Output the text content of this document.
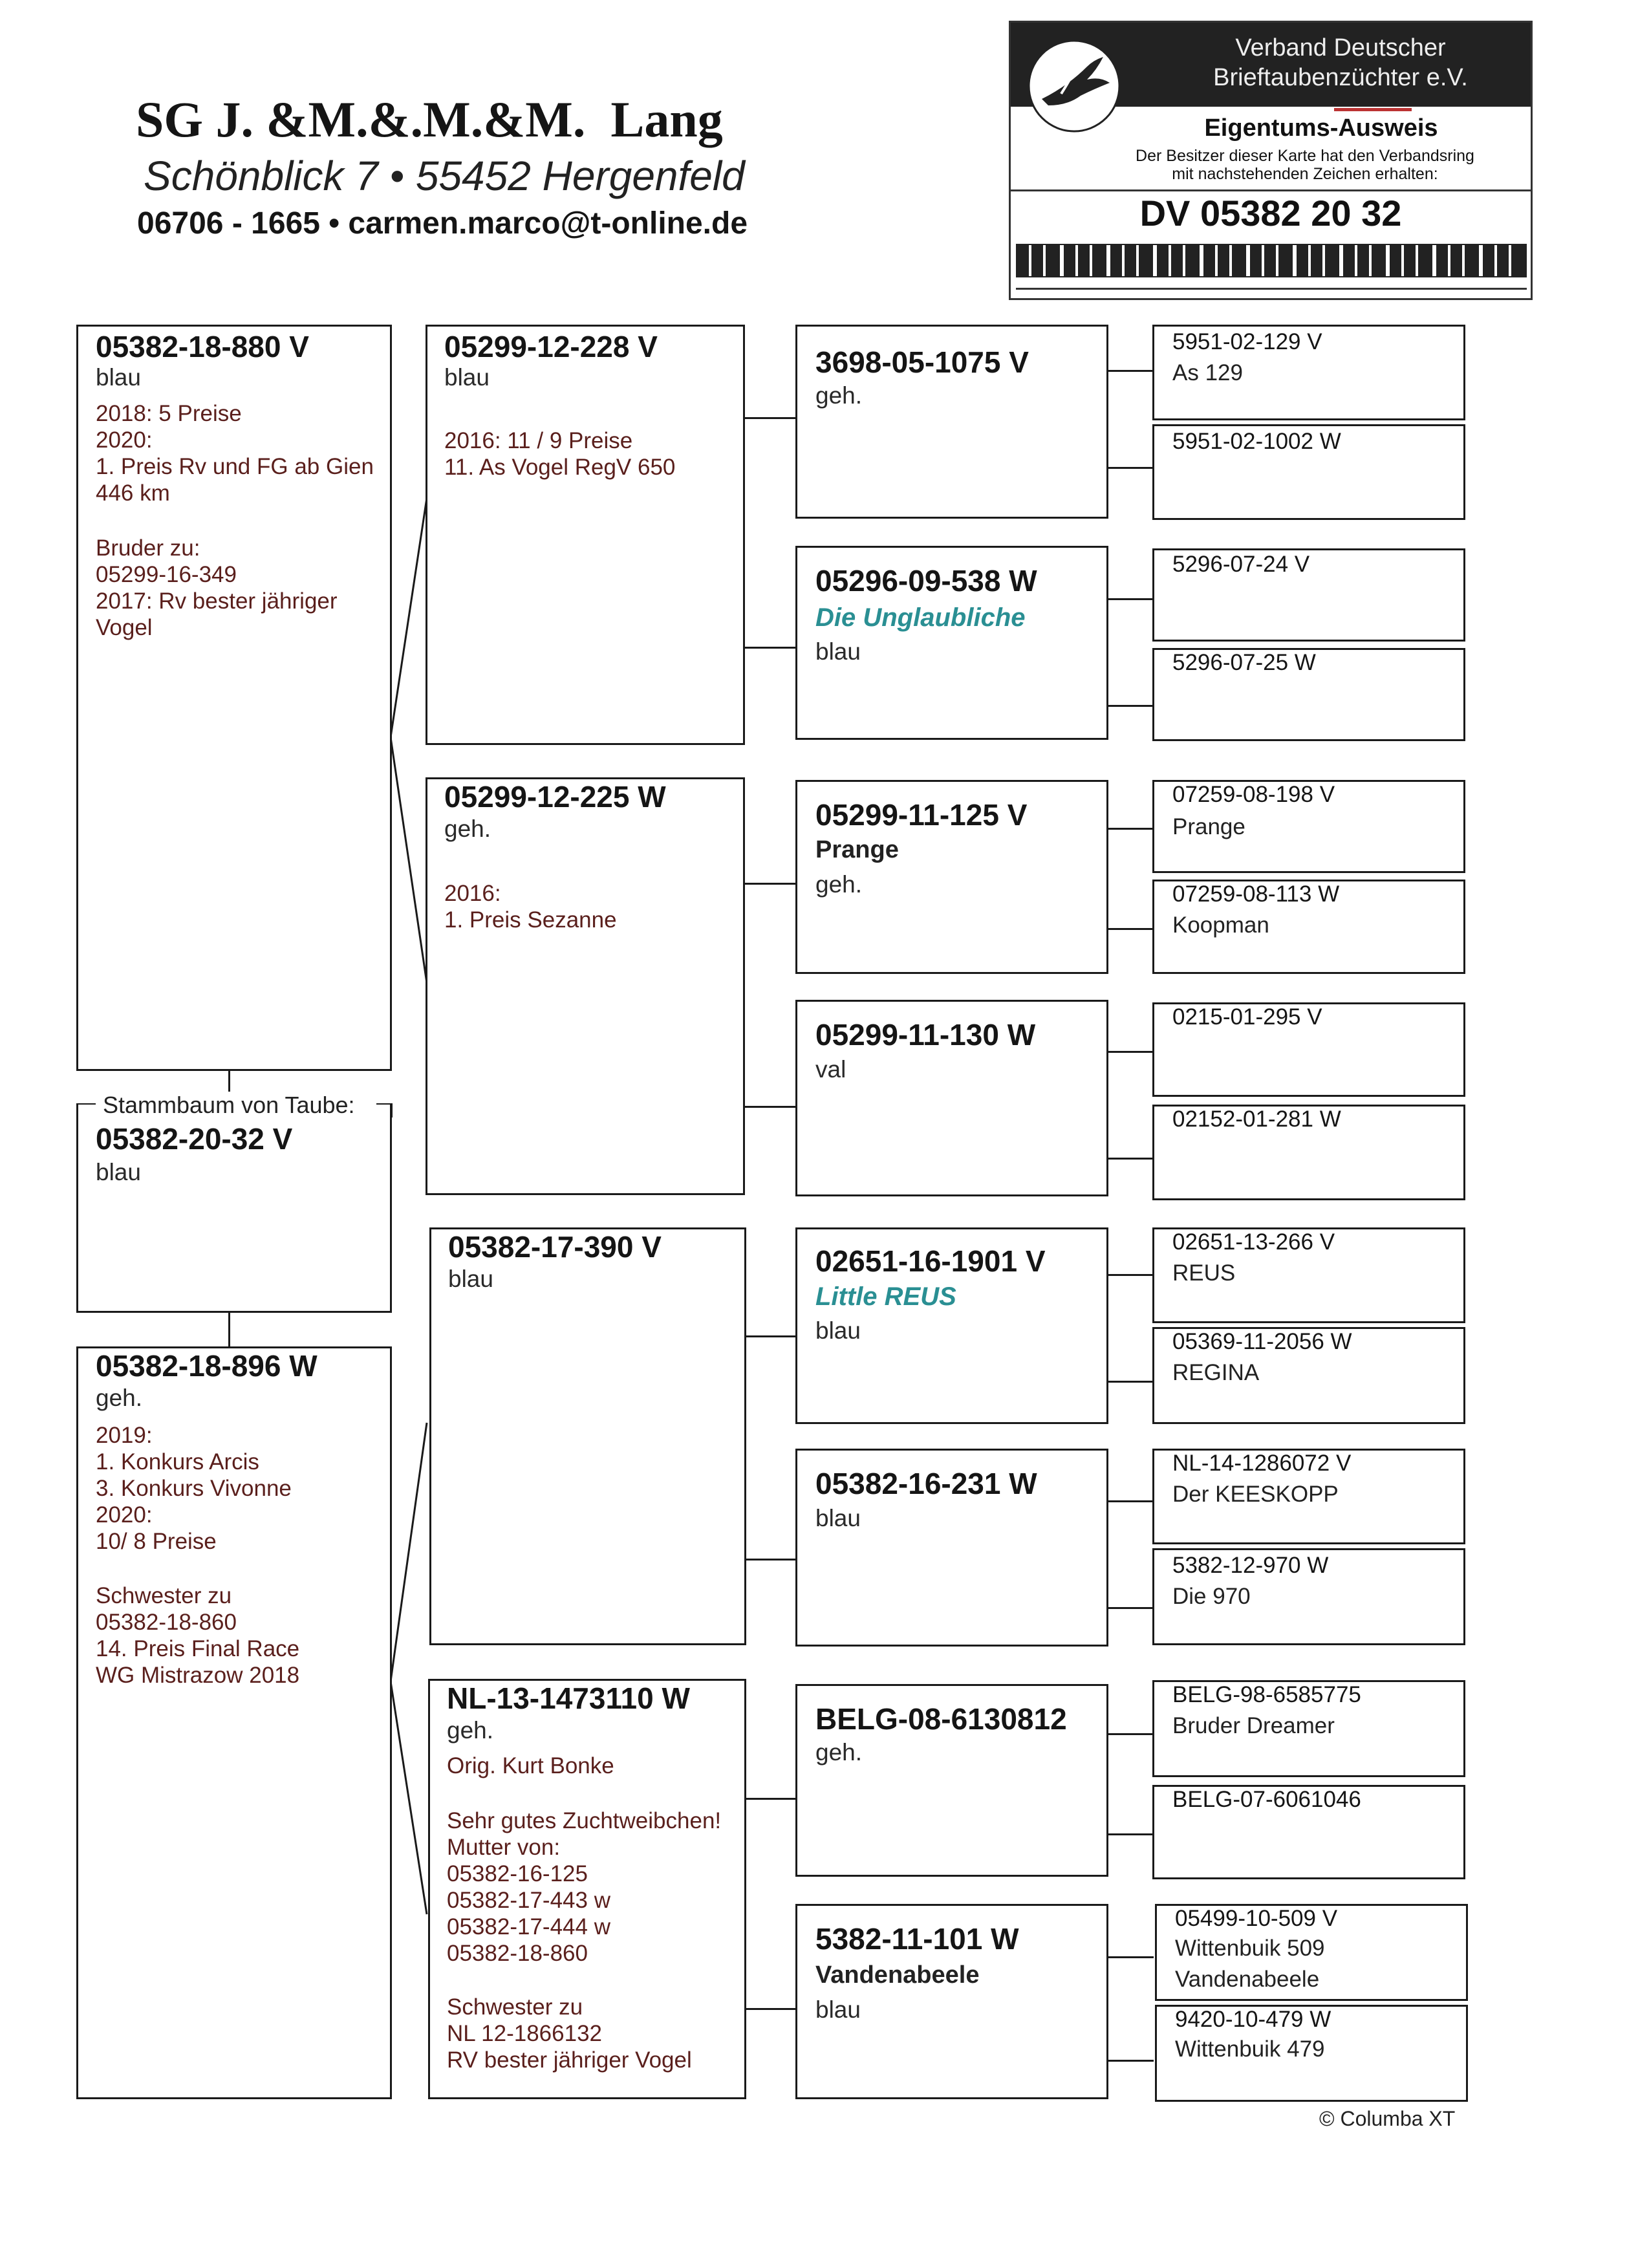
SG J. &M.&.M.&M.  Lang
Schönblick 7 • 55452 Hergenfeld
06706 - 1665 • carmen.marco@t-online.de
Verband Deutscher
Brieftaubenzüchter e.V.
Eigentums-Ausweis
Der Besitzer dieser Karte hat den Verbandsring
mit nachstehenden Zeichen erhalten:
DV 05382 20 32
05382-18-880 V
blau
2018: 5 Preise
2020:
1. Preis Rv und FG ab Gien
446 km
Bruder zu:
05299-16-349
2017: Rv bester jähriger
Vogel
Stammbaum von Taube:
05382-20-32 V
blau
05382-18-896 W
geh.
2019:
1. Konkurs Arcis
3. Konkurs Vivonne
2020:
10/ 8 Preise
Schwester zu
05382-18-860
14. Preis Final Race
WG Mistrazow 2018
05299-12-228 V
blau
2016: 11 / 9 Preise
11. As Vogel RegV 650
05299-12-225 W
geh.
2016:
1. Preis Sezanne
05382-17-390 V
blau
NL-13-1473110 W
geh.
Orig. Kurt Bonke
Sehr gutes Zuchtweibchen!
Mutter von:
05382-16-125
05382-17-443 w
05382-17-444 w
05382-18-860
Schwester zu
NL 12-1866132
RV bester jähriger Vogel
3698-05-1075 V
geh.
05296-09-538 W
Die Unglaubliche
blau
05299-11-125 V
Prange
geh.
05299-11-130 W
val
02651-16-1901 V
Little REUS
blau
05382-16-231 W
blau
BELG-08-6130812
geh.
5382-11-101 W
Vandenabeele
blau
5951-02-129 V
As 129
5951-02-1002 W
5296-07-24 V
5296-07-25 W
07259-08-198 V
Prange
07259-08-113 W
Koopman
0215-01-295 V
02152-01-281 W
02651-13-266 V
REUS
05369-11-2056 W
REGINA
NL-14-1286072 V
Der KEESKOPP
5382-12-970 W
Die 970
BELG-98-6585775
Bruder Dreamer
BELG-07-6061046
05499-10-509 V
Wittenbuik 509
Vandenabeele
9420-10-479 W
Wittenbuik 479
© Columba XT
